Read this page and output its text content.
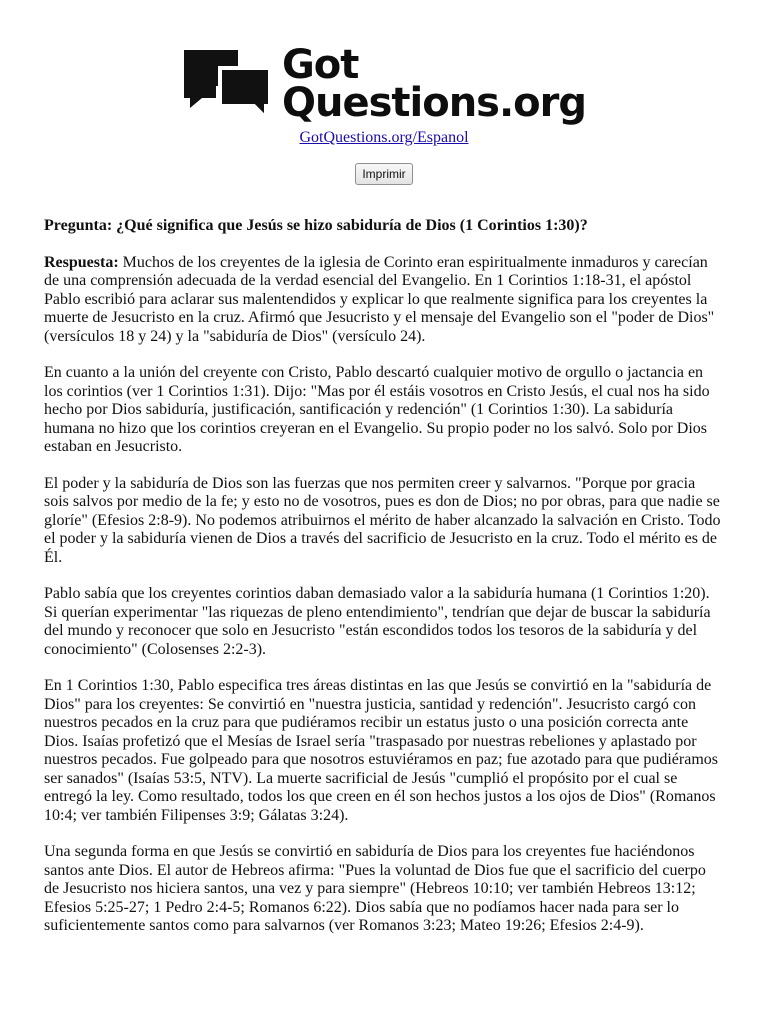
Got
Questions.org
GotQuestions.org/Espanol
Imprimir
Pregunta: ¿Qué significa que Jesús se hizo sabiduría de Dios (1 Corintios 1:30)?

Respuesta: Muchos de los creyentes de la iglesia de Corinto eran espiritualmente inmaduros y carecían de una comprensión adecuada de la verdad esencial del Evangelio. En 1 Corintios 1:18-31, el apóstol Pablo escribió para aclarar sus malentendidos y explicar lo que realmente significa para los creyentes la muerte de Jesucristo en la cruz. Afirmó que Jesucristo y el mensaje del Evangelio son el "poder de Dios" (versículos 18 y 24) y la "sabiduría de Dios" (versículo 24).

En cuanto a la unión del creyente con Cristo, Pablo descartó cualquier motivo de orgullo o jactancia en los corintios (ver 1 Corintios 1:31). Dijo: "Mas por él estáis vosotros en Cristo Jesús, el cual nos ha sido hecho por Dios sabiduría, justificación, santificación y redención" (1 Corintios 1:30). La sabiduría humana no hizo que los corintios creyeran en el Evangelio. Su propio poder no los salvó. Solo por Dios estaban en Jesucristo.

El poder y la sabiduría de Dios son las fuerzas que nos permiten creer y salvarnos. "Porque por gracia sois salvos por medio de la fe; y esto no de vosotros, pues es don de Dios; no por obras, para que nadie se gloríe" (Efesios 2:8-9). No podemos atribuirnos el mérito de haber alcanzado la salvación en Cristo. Todo el poder y la sabiduría vienen de Dios a través del sacrificio de Jesucristo en la cruz. Todo el mérito es de Él.

Pablo sabía que los creyentes corintios daban demasiado valor a la sabiduría humana (1 Corintios 1:20). Si querían experimentar "las riquezas de pleno entendimiento", tendrían que dejar de buscar la sabiduría del mundo y reconocer que solo en Jesucristo "están escondidos todos los tesoros de la sabiduría y del conocimiento" (Colosenses 2:2-3).

En 1 Corintios 1:30, Pablo especifica tres áreas distintas en las que Jesús se convirtió en la "sabiduría de Dios" para los creyentes: Se convirtió en "nuestra justicia, santidad y redención". Jesucristo cargó con nuestros pecados en la cruz para que pudiéramos recibir un estatus justo o una posición correcta ante Dios. Isaías profetizó que el Mesías de Israel sería "traspasado por nuestras rebeliones y aplastado por nuestros pecados. Fue golpeado para que nosotros estuviéramos en paz; fue azotado para que pudiéramos ser sanados" (Isaías 53:5, NTV). La muerte sacrificial de Jesús "cumplió el propósito por el cual se entregó la ley. Como resultado, todos los que creen en él son hechos justos a los ojos de Dios" (Romanos 10:4; ver también Filipenses 3:9; Gálatas 3:24).

Una segunda forma en que Jesús se convirtió en sabiduría de Dios para los creyentes fue haciéndonos santos ante Dios. El autor de Hebreos afirma: "Pues la voluntad de Dios fue que el sacrificio del cuerpo de Jesucristo nos hiciera santos, una vez y para siempre" (Hebreos 10:10; ver también Hebreos 13:12; Efesios 5:25-27; 1 Pedro 2:4-5; Romanos 6:22). Dios sabía que no podíamos hacer nada para ser lo suficientemente santos como para salvarnos (ver Romanos 3:23; Mateo 19:26; Efesios 2:4-9).
